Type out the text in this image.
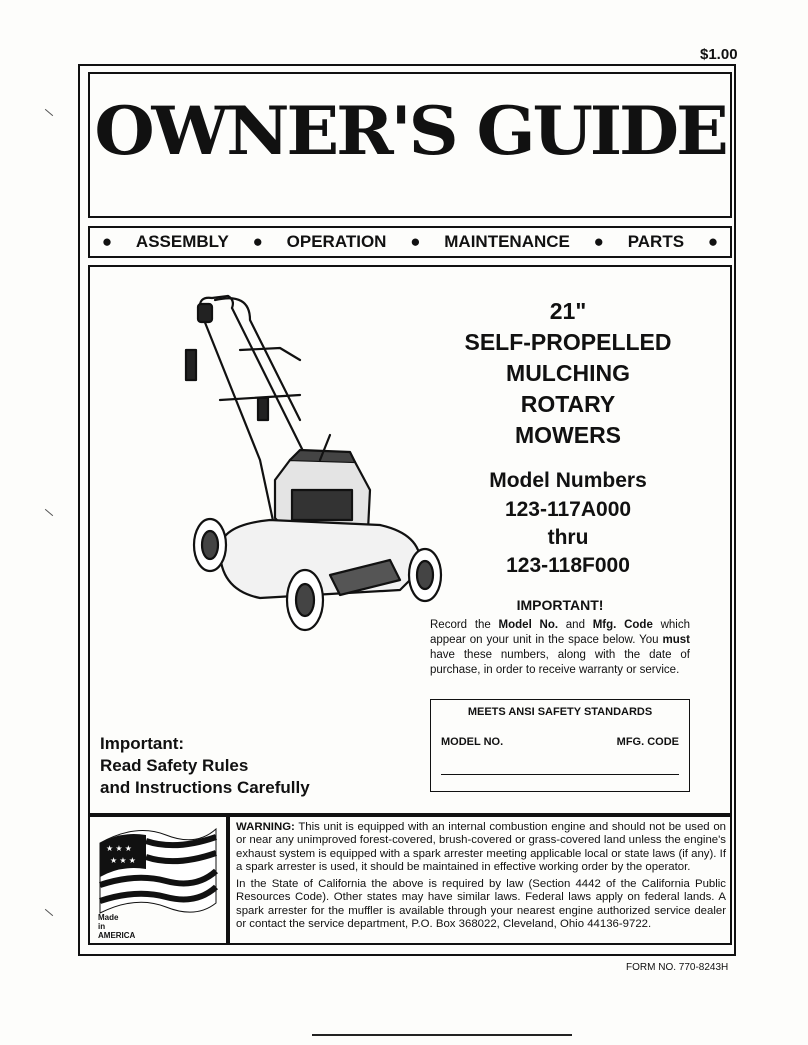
$1.00
OWNER'S GUIDE
● ASSEMBLY ● OPERATION ● MAINTENANCE ● PARTS ●
21"
SELF-PROPELLED
MULCHING
ROTARY
MOWERS
Model Numbers
123-117A000
thru
123-118F000
IMPORTANT!
Record the Model No. and Mfg. Code which appear on your unit in the space below. You must have these numbers, along with the date of purchase, in order to receive warranty or service.
MEETS ANSI SAFETY STANDARDS
MODEL NO.	MFG. CODE
Important:
Read Safety Rules
and Instructions Carefully
★ ★ ★
★ ★ ★
Made
in
AMERICA

WARNING: This unit is equipped with an internal combustion engine and should not be used on or near any unimproved forest-covered, brush-covered or grass-covered land unless the engine's exhaust system is equipped with a spark arrester meeting applicable local or state laws (if any). If a spark arrester is used, it should be maintained in effective working order by the operator.

In the State of California the above is required by law (Section 4442 of the California Public Resources Code). Other states may have similar laws. Federal laws apply on federal lands. A spark arrester for the muffler is available through your nearest engine authorized service dealer or contact the service department, P.O. Box 368022, Cleveland, Ohio 44136-9722.

FORM NO. 770-8243H
